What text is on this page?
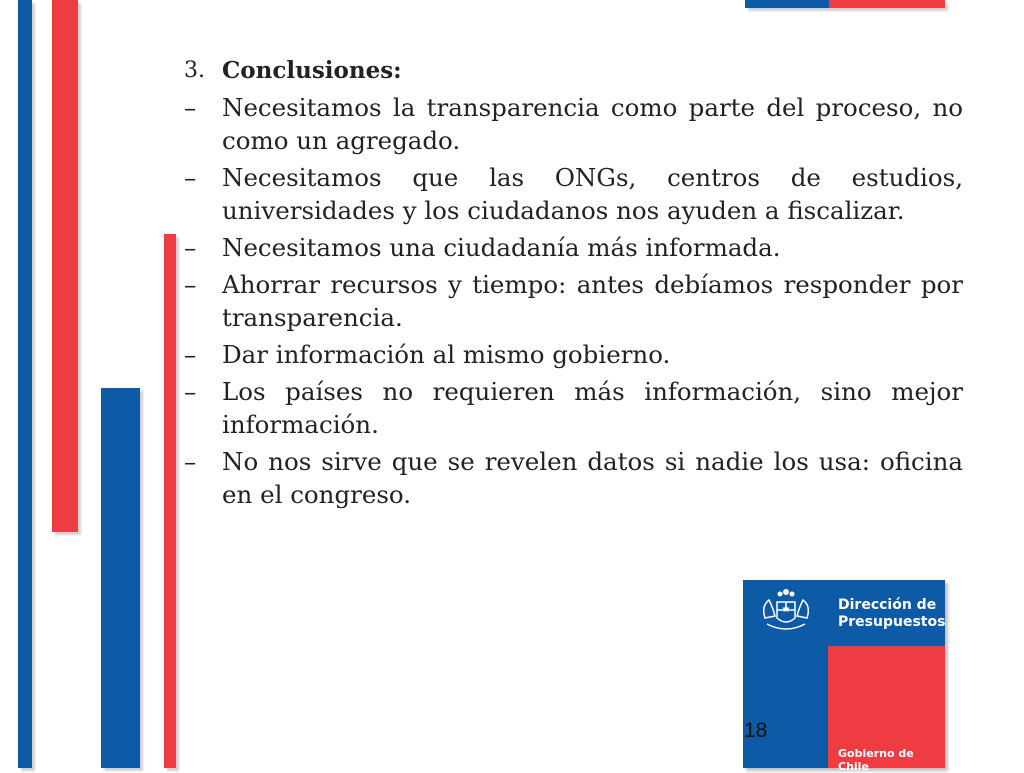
3. Conclusiones:
–	Necesitamos la transparencia como parte del proceso, no como un agregado.
–	Necesitamos que las ONGs, centros de estudios, universidades y los ciudadanos nos ayuden a fiscalizar.
–	Necesitamos una ciudadanía más informada.
–	Ahorrar recursos y tiempo: antes debíamos responder por transparencia.
–	Dar información al mismo gobierno.
–	Los países no requieren más información, sino mejor información.
–	No nos sirve que se revelen datos si nadie los usa: oficina en el congreso.
Dirección de Presupuestos
Gobierno de Chile
18
